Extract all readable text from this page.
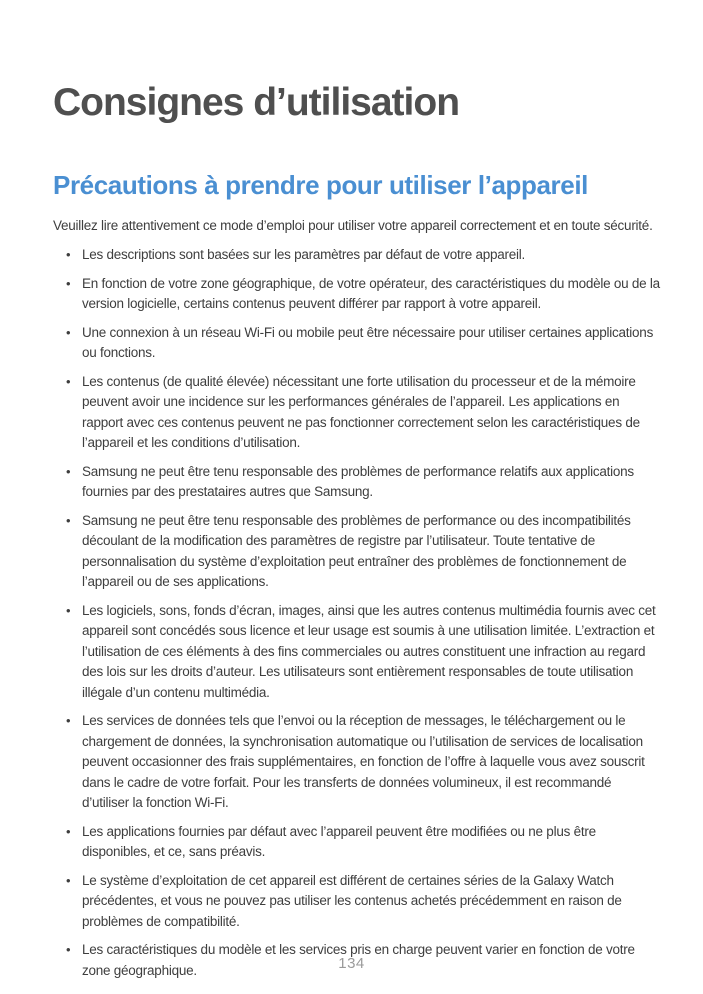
Consignes d’utilisation
Précautions à prendre pour utiliser l’appareil

Veuillez lire attentivement ce mode d’emploi pour utiliser votre appareil correctement et en toute sécurité.

• Les descriptions sont basées sur les paramètres par défaut de votre appareil.
• En fonction de votre zone géographique, de votre opérateur, des caractéristiques du modèle ou de la version logicielle, certains contenus peuvent différer par rapport à votre appareil.
• Une connexion à un réseau Wi-Fi ou mobile peut être nécessaire pour utiliser certaines applications ou fonctions.
• Les contenus (de qualité élevée) nécessitant une forte utilisation du processeur et de la mémoire peuvent avoir une incidence sur les performances générales de l’appareil. Les applications en rapport avec ces contenus peuvent ne pas fonctionner correctement selon les caractéristiques de l’appareil et les conditions d’utilisation.
• Samsung ne peut être tenu responsable des problèmes de performance relatifs aux applications fournies par des prestataires autres que Samsung.
• Samsung ne peut être tenu responsable des problèmes de performance ou des incompatibilités découlant de la modification des paramètres de registre par l’utilisateur. Toute tentative de personnalisation du système d’exploitation peut entraîner des problèmes de fonctionnement de l’appareil ou de ses applications.
• Les logiciels, sons, fonds d’écran, images, ainsi que les autres contenus multimédia fournis avec cet appareil sont concédés sous licence et leur usage est soumis à une utilisation limitée. L’extraction et l’utilisation de ces éléments à des fins commerciales ou autres constituent une infraction au regard des lois sur les droits d’auteur. Les utilisateurs sont entièrement responsables de toute utilisation illégale d’un contenu multimédia.
• Les services de données tels que l’envoi ou la réception de messages, le téléchargement ou le chargement de données, la synchronisation automatique ou l’utilisation de services de localisation peuvent occasionner des frais supplémentaires, en fonction de l’offre à laquelle vous avez souscrit dans le cadre de votre forfait. Pour les transferts de données volumineux, il est recommandé d’utiliser la fonction Wi-Fi.
• Les applications fournies par défaut avec l’appareil peuvent être modifiées ou ne plus être disponibles, et ce, sans préavis.
• Le système d’exploitation de cet appareil est différent de certaines séries de la Galaxy Watch précédentes, et vous ne pouvez pas utiliser les contenus achetés précédemment en raison de problèmes de compatibilité.
• Les caractéristiques du modèle et les services pris en charge peuvent varier en fonction de votre zone géographique.	134
